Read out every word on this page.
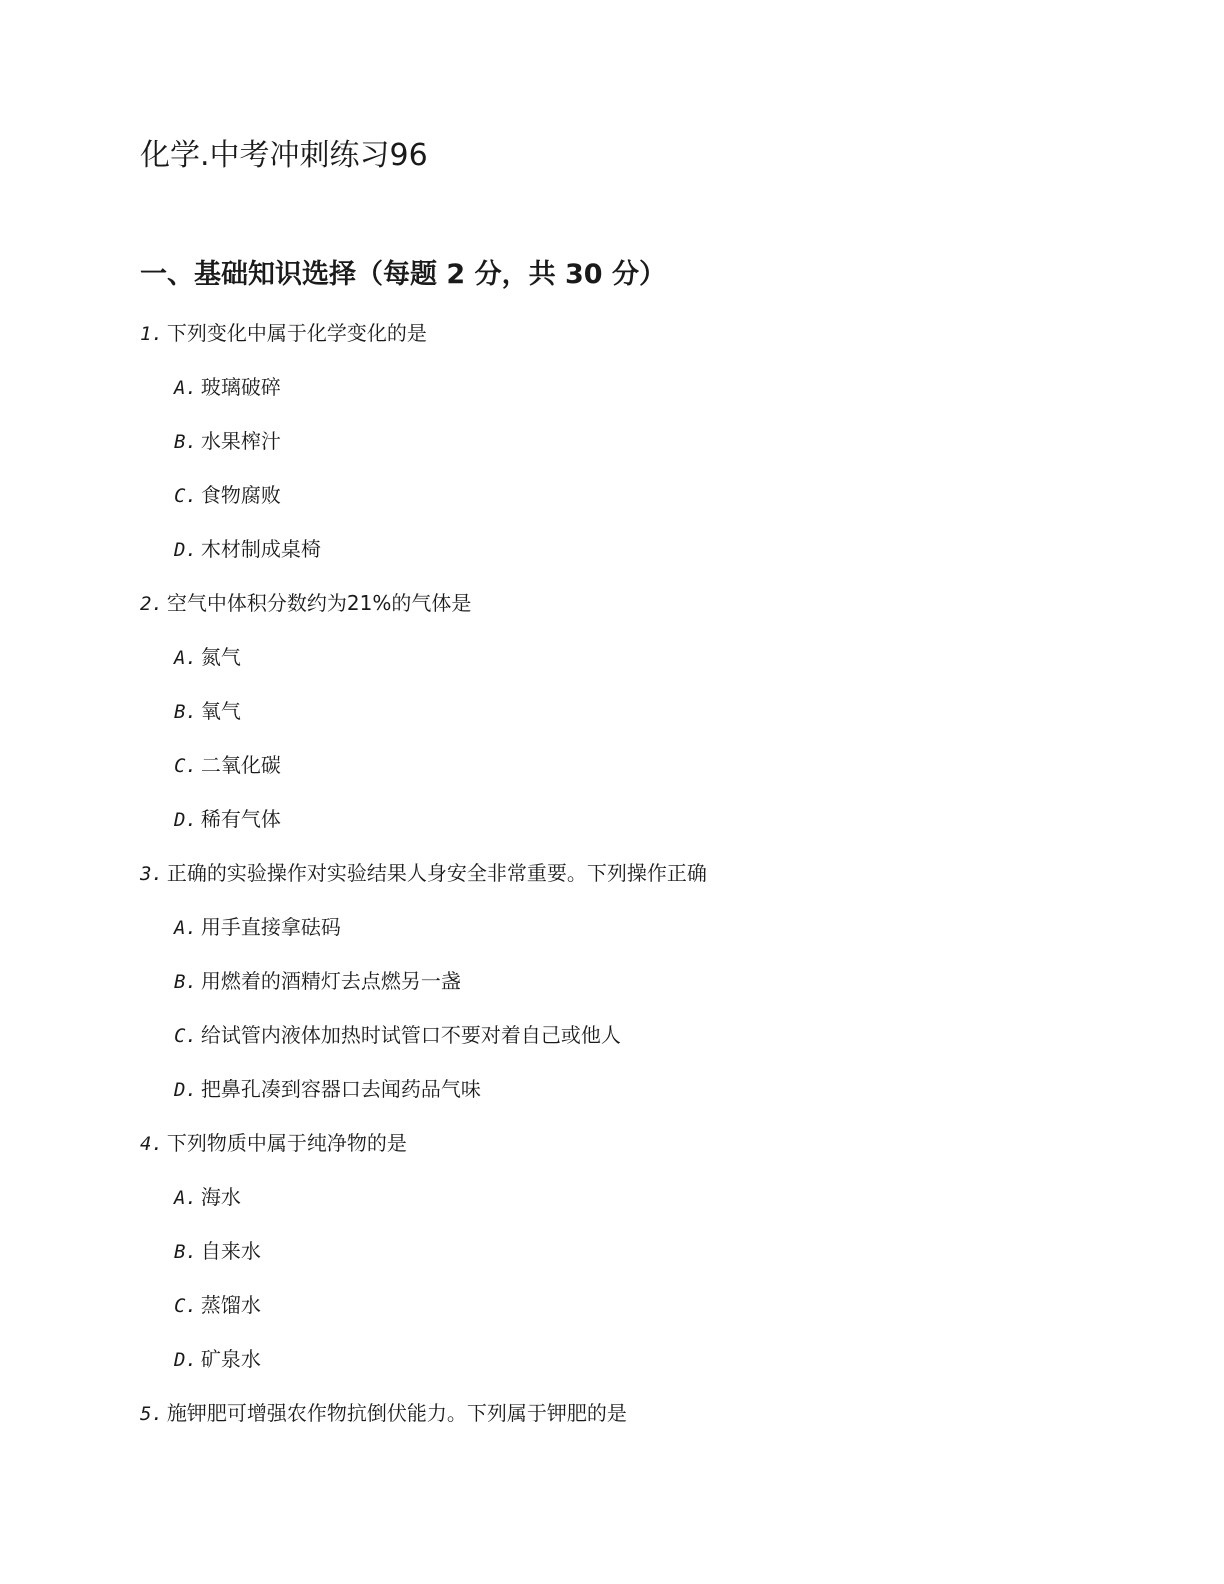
化学.中考冲刺练习96
一、基础知识选择（每题 2 分，共 30 分）
1. 下列变化中属于化学变化的是
A. 玻璃破碎
B. 水果榨汁
C. 食物腐败
D. 木材制成桌椅
2. 空气中体积分数约为21%的气体是
A. 氮气
B. 氧气
C. 二氧化碳
D. 稀有气体
3. 正确的实验操作对实验结果人身安全非常重要。下列操作正确
A. 用手直接拿砝码
B. 用燃着的酒精灯去点燃另一盏
C. 给试管内液体加热时试管口不要对着自己或他人
D. 把鼻孔凑到容器口去闻药品气味
4. 下列物质中属于纯净物的是
A. 海水
B. 自来水
C. 蒸馏水
D. 矿泉水
5. 施钾肥可增强农作物抗倒伏能力。下列属于钾肥的是
